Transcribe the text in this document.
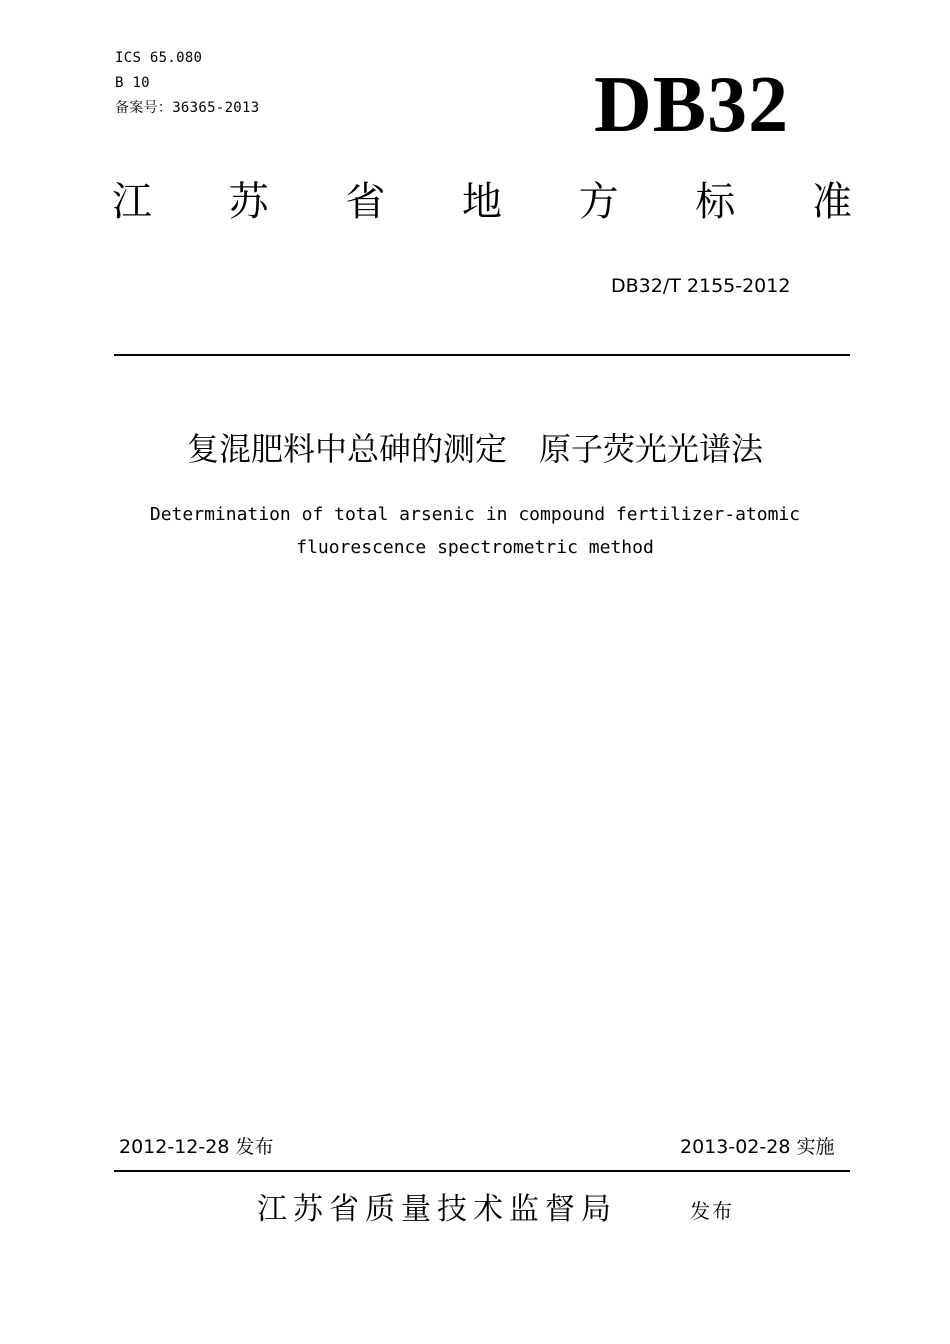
ICS 65.080
B 10
备案号：36365-2013	DB32
江 苏 省 地 方 标 准
DB32/T 2155-2012
复混肥料中总砷的测定　原子荧光光谱法
Determination of total arsenic in compound fertilizer-atomic
fluorescence spectrometric method
2012-12-28 发布	2013-02-28 实施
江苏省质量技术监督局	发布
